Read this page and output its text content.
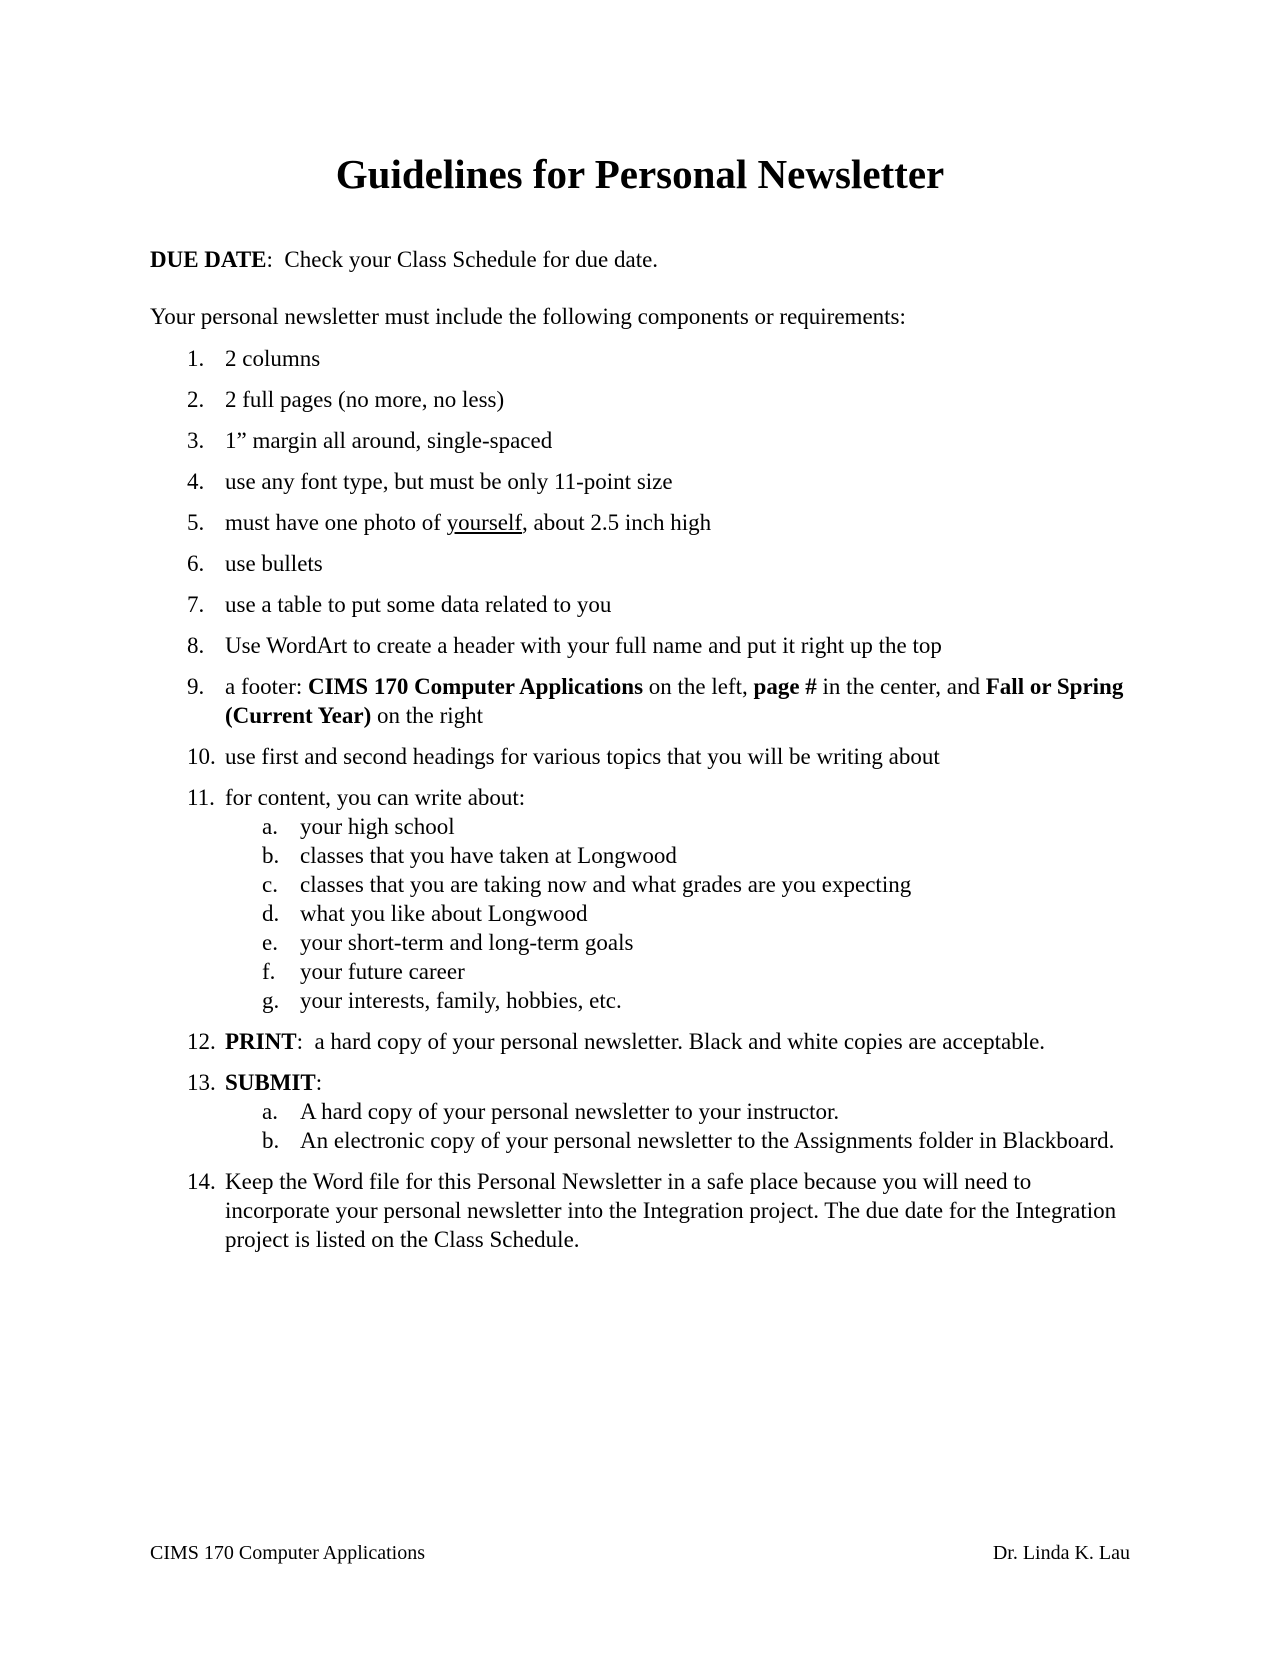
Guidelines for Personal Newsletter

DUE DATE:  Check your Class Schedule for due date.

Your personal newsletter must include the following components or requirements:

1. 2 columns
2. 2 full pages (no more, no less)
3. 1” margin all around, single-spaced
4. use any font type, but must be only 11-point size
5. must have one photo of yourself, about 2.5 inch high
6. use bullets
7. use a table to put some data related to you
8. Use WordArt to create a header with your full name and put it right up the top
9. a footer: CIMS 170 Computer Applications on the left, page # in the center, and Fall or Spring (Current Year) on the right
10. use first and second headings for various topics that you will be writing about
11. for content, you can write about:
a. your high school
b. classes that you have taken at Longwood
c. classes that you are taking now and what grades are you expecting
d. what you like about Longwood
e. your short-term and long-term goals
f. your future career
g. your interests, family, hobbies, etc.
12. PRINT:  a hard copy of your personal newsletter. Black and white copies are acceptable.
13. SUBMIT:
a. A hard copy of your personal newsletter to your instructor.
b. An electronic copy of your personal newsletter to the Assignments folder in Blackboard.
14. Keep the Word file for this Personal Newsletter in a safe place because you will need to incorporate your personal newsletter into the Integration project. The due date for the Integration project is listed on the Class Schedule.
CIMS 170 Computer Applications	Dr. Linda K. Lau
